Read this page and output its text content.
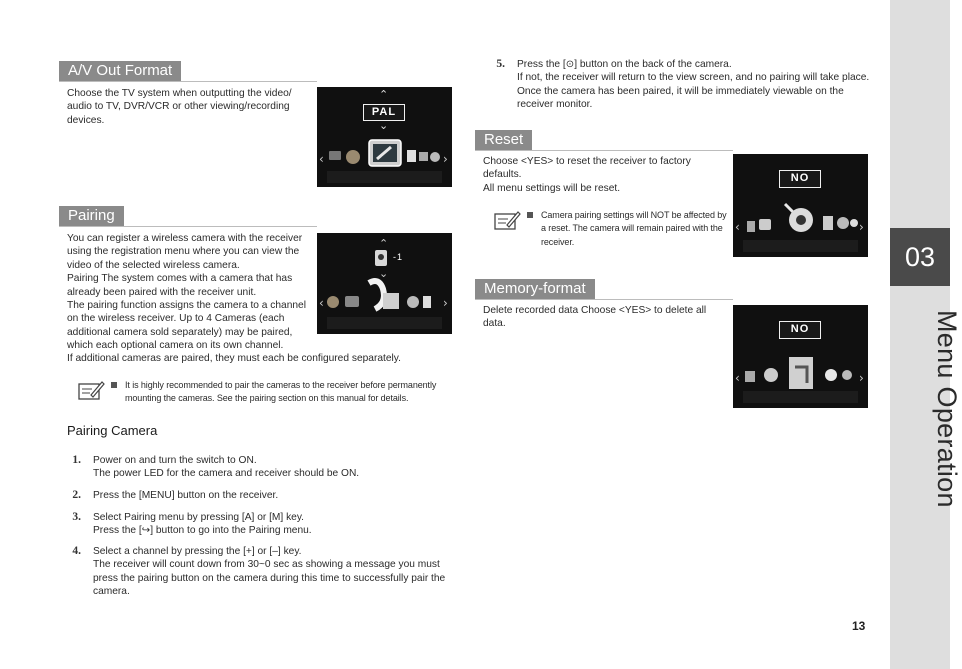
03
Menu Operation
A/V Out Format
Choose the TV system when outputting the video/
audio to TV, DVR/VCR or other viewing/recording
devices.
⌃
PAL
⌄
‹	›
Pairing
You can register a wireless camera with the receiver
using the registration menu where you can view the
video of the selected wireless camera.
Pairing The system comes with a camera that has
already been paired with the receiver unit.
The pairing function assigns the camera to a channel
on the wireless receiver. Up to 4 Cameras (each
additional camera sold separately) may be paired,
which each optional camera on its own channel.
If additional cameras are paired, they must each be configured separately.
⌃
⌄
‹	›
-1
It is highly recommended to pair the cameras to the receiver before permanently
mounting the cameras. See the pairing section on this manual for details.
Pairing Camera
1.	Power on and turn the switch to ON.
The power LED for the camera and receiver should be ON.
2.	Press the [MENU] button on the receiver.
3.	Select Pairing menu by pressing [A] or [M] key.
Press the [↪] button to go into the Pairing menu.
4.	Select a channel by pressing the [+] or [–] key.
The receiver will count down from 30~0 sec as showing a message you must
press the pairing button on the camera during this time to successfully pair the
camera.
5.	Press the [⊙] button on the back of the camera.
If not, the receiver will return to the view screen, and no pairing will take place.
Once the camera has been paired, it will be immediately viewable on the
receiver monitor.
Reset
Choose <YES> to reset the receiver to factory
defaults.
All menu settings will be reset.
NO
‹	›
Camera pairing settings will NOT be affected by
a reset. The camera will remain paired with the
receiver.
Memory-format
Delete recorded data Choose <YES> to delete all
data.	NO
‹	›
13
